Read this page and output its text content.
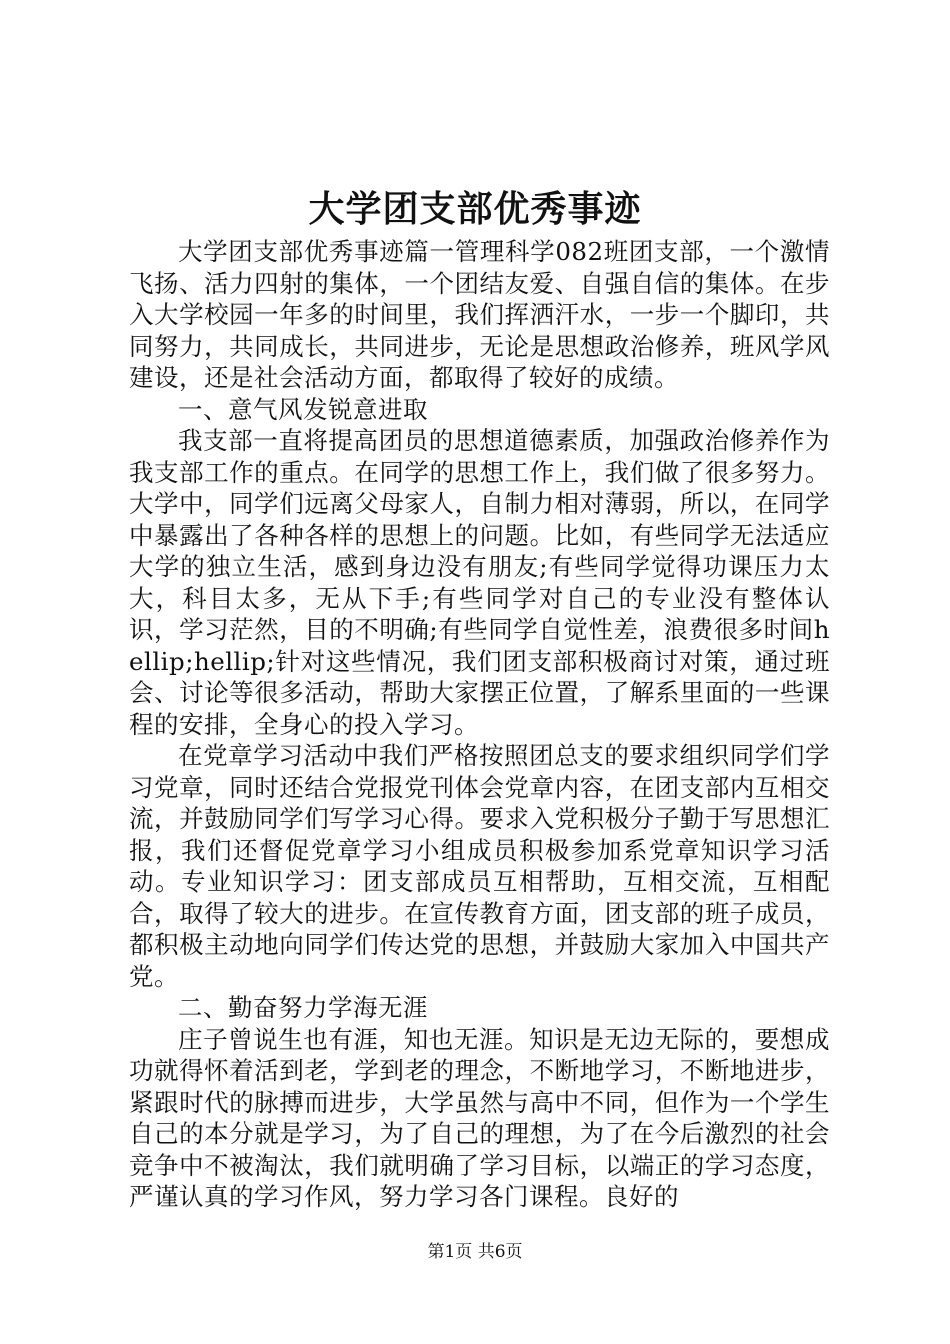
大学团支部优秀事迹

大学团支部优秀事迹篇一管理科学082班团支部，一个激情飞扬、活力四射的集体，一个团结友爱、自强自信的集体。在步入大学校园一年多的时间里，我们挥洒汗水，一步一个脚印，共同努力，共同成长，共同进步，无论是思想政治修养，班风学风建设，还是社会活动方面，都取得了较好的成绩。

一、意气风发锐意进取

我支部一直将提高团员的思想道德素质，加强政治修养作为我支部工作的重点。在同学的思想工作上，我们做了很多努力。大学中，同学们远离父母家人，自制力相对薄弱，所以，在同学中暴露出了各种各样的思想上的问题。比如，有些同学无法适应大学的独立生活，感到身边没有朋友;有些同学觉得功课压力太大，科目太多，无从下手;有些同学对自己的专业没有整体认识，学习茫然，目的不明确;有些同学自觉性差，浪费很多时间hellip;hellip;针对这些情况，我们团支部积极商讨对策，通过班会、讨论等很多活动，帮助大家摆正位置，了解系里面的一些课程的安排，全身心的投入学习。

在党章学习活动中我们严格按照团总支的要求组织同学们学习党章，同时还结合党报党刊体会党章内容，在团支部内互相交流，并鼓励同学们写学习心得。要求入党积极分子勤于写思想汇报，我们还督促党章学习小组成员积极参加系党章知识学习活动。专业知识学习：团支部成员互相帮助，互相交流，互相配合，取得了较大的进步。在宣传教育方面，团支部的班子成员，都积极主动地向同学们传达党的思想，并鼓励大家加入中国共产党。

二、勤奋努力学海无涯

庄子曾说生也有涯，知也无涯。知识是无边无际的，要想成功就得怀着活到老，学到老的理念，不断地学习，不断地进步，紧跟时代的脉搏而进步，大学虽然与高中不同，但作为一个学生自己的本分就是学习，为了自己的理想，为了在今后激烈的社会竞争中不被淘汰，我们就明确了学习目标，以端正的学习态度，严谨认真的学习作风，努力学习各门课程。良好的

第1页 共6页
